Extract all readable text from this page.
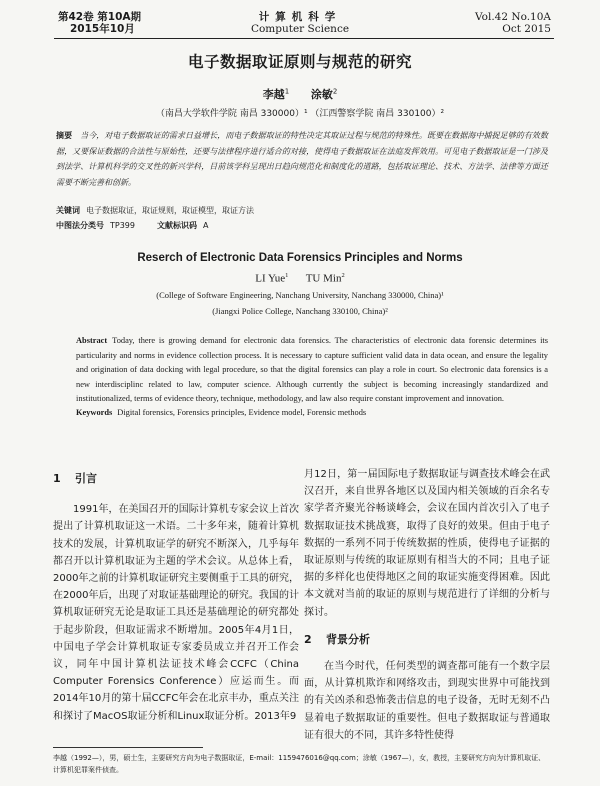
第42卷 第10A期
2015年10月
计算机科学
Computer Science
Vol.42 No.10A
Oct 2015
电子数据取证原则与规范的研究
李越$^1$ 涂敏$^2$
（南昌大学软件学院 南昌 330000）¹ （江西警察学院 南昌 330100）²
摘要 当今，对电子数据取证的需求日益增长，而电子数据取证的特性决定其取证过程与规范的特殊性。既要在数据海中捕捉足够的有效数据，又要保证数据的合法性与原始性，还要与法律程序进行适合的对接，使得电子数据取证在法庭发挥效用。可见电子数据取证是一门涉及到法学、计算机科学的交叉性的新兴学科，目前该学科呈现出日趋向规范化和制度化的道路，包括取证理论、技术、方法学、法律等方面还需要不断完善和创新。
关键词 电子数据取证，取证规则，取证模型，取证方法
中图法分类号 TP399	文献标识码 A
Reserch of Electronic Data Forensics Principles and Norms
LI Yue$^1$ TU Min$^2$
(College of Software Engineering, Nanchang University, Nanchang 330000, China)¹
(Jiangxi Police College, Nanchang 330100, China)²
Abstract Today, there is growing demand for electronic data forensics. The characteristics of electronic data forensic determines its particularity and norms in evidence collection process. It is necessary to capture sufficient valid data in data ocean, and ensure the legality and origination of data docking with legal procedure, so that the digital forensics can play a role in court. So electronic data forensics is a new interdisciplinc related to law, computer science. Although currently the subject is becoming increasingly standardized and institutionalized, terms of evidence theory, technique, methodology, and law also require constant improvement and innovation.
Keywords Digital forensics, Forensics principles, Evidence model, Forensic methods
1 引言

1991年，在美国召开的国际计算机专家会议上首次提出了计算机取证这一术语。二十多年来，随着计算机技术的发展，计算机取证学的研究不断深入，几乎每年都召开以计算机取证为主题的学术会议。从总体上看，2000年之前的计算机取证研究主要侧重于工具的研究，在2000年后，出现了对取证基础理论的研究。我国的计算机取证研究无论是取证工具还是基础理论的研究都处于起步阶段，但取证需求不断增加。2005年4月1日，中国电子学会计算机取证专家委员成立并召开工作会议，同年中国计算机法证技术峰会CCFC（China Computer Forensics Conference）应运而生。而2014年10月的第十届CCFC年会在北京丰办，重点关注和探讨了MacOS取证分析和Linux取证分析。2013年9

月12日，第一届国际电子数据取证与调查技术峰会在武汉召开，来自世界各地区以及国内相关领域的百余名专家学者齐聚光谷畅谈峰会，会议在国内首次引入了电子数据取证技术挑战赛，取得了良好的效果。但由于电子数据的一系列不同于传统数据的性质，使得电子证据的取证原则与传统的取证原则有相当大的不同；且电子证据的多样化也使得地区之间的取证实施变得困难。因此本文就对当前的取证的原则与规范进行了详细的分析与探讨。

2 背景分析

在当今时代，任何类型的调查都可能有一个数字层面，从计算机欺诈和网络攻击，到现实世界中可能找到的有关凶杀和恐怖袭击信息的电子设备，无时无刻不凸显着电子数据取证的重要性。但电子数据取证与普通取证有很大的不同，其许多特性使得

李越（1992—），男，硕士生，主要研究方向为电子数据取证，E-mail：1159476016@qq.com；涂敏（1967—），女，教授，主要研究方向为计算机取证、计算机犯罪案件侦查。
